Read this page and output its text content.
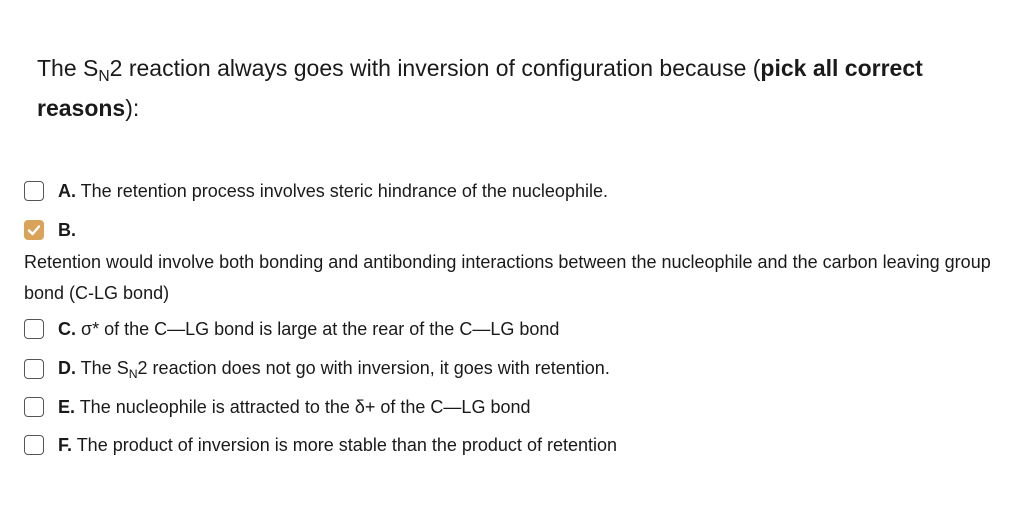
The $S_N2$ reaction always goes with inversion of configuration because (pick all correct reasons):
A. The retention process involves steric hindrance of the nucleophile.
B.
Retention would involve both bonding and antibonding interactions between the nucleophile and the carbon leaving group bond (C-LG bond)
C. σ* of the C—LG bond is large at the rear of the C—LG bond
D. The $S_N2$ reaction does not go with inversion, it goes with retention.
E. The nucleophile is attracted to the δ+ of the C—LG bond
F. The product of inversion is more stable than the product of retention
